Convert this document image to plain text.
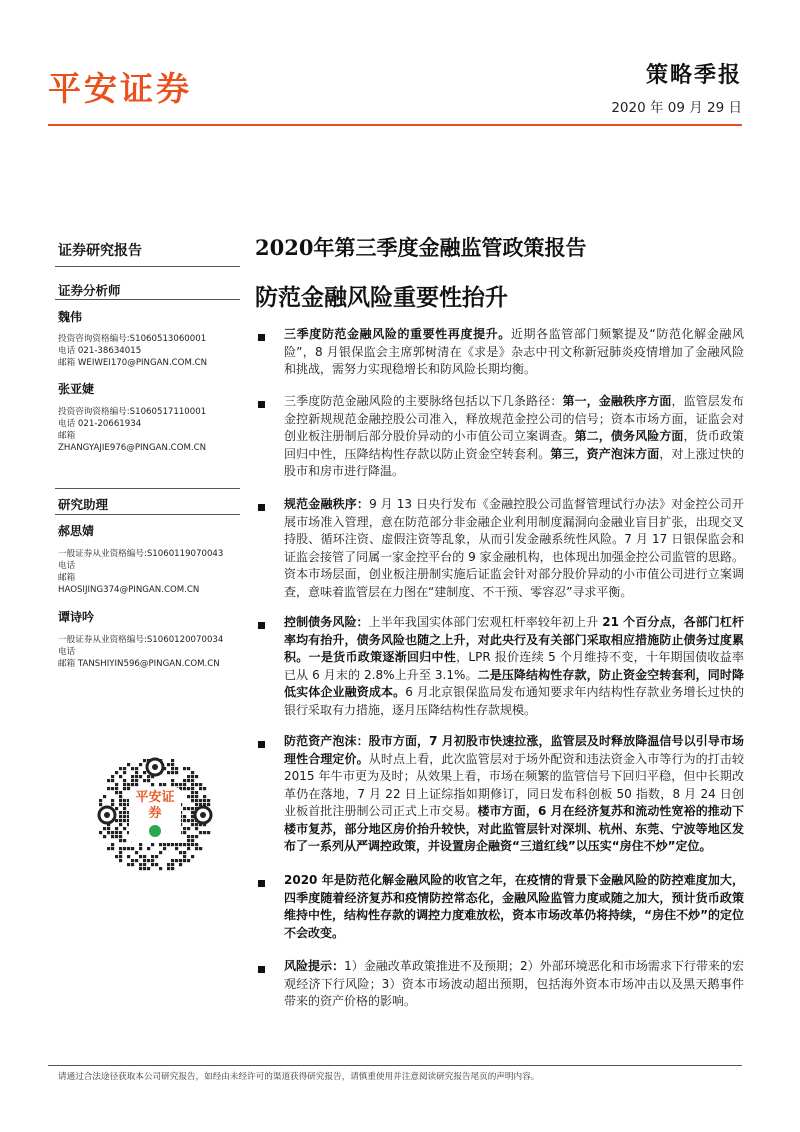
平安证券	策略季报
2020 年 09 月 29 日
证券研究报告
证券分析师
魏伟
投资咨询资格编号:S1060513060001
电话 021-38634015
邮箱 WEIWEI170@PINGAN.COM.CN
张亚婕
投资咨询资格编号:S1060517110001
电话 021-20661934
邮箱
ZHANGYAJIE976@PINGAN.COM.CN
研究助理
郝思婧
一般证券从业资格编号:S1060119070043
电话
邮箱
HAOSIJING374@PINGAN.COM.CN
谭诗吟
一般证券从业资格编号:S1060120070034
电话
邮箱 TANSHIYIN596@PINGAN.COM.CN
平安证券
2020年第三季度金融监管政策报告
防范金融风险重要性抬升
三季度防范金融风险的重要性再度提升。近期各监管部门频繁提及“防范化解金融风险”，8 月银保监会主席郭树清在《求是》杂志中刊文称新冠肺炎疫情增加了金融风险和挑战，需努力实现稳增长和防风险长期均衡。
三季度防范金融风险的主要脉络包括以下几条路径：第一，金融秩序方面，监管层发布金控新规规范金融控股公司准入，释放规范金控公司的信号；资本市场方面，证监会对创业板注册制后部分股价异动的小市值公司立案调查。第二，债务风险方面，货币政策回归中性，压降结构性存款以防止资金空转套利。第三，资产泡沫方面，对上涨过快的股市和房市进行降温。
规范金融秩序：9 月 13 日央行发布《金融控股公司监督管理试行办法》对金控公司开展市场准入管理，意在防范部分非金融企业利用制度漏洞向金融业盲目扩张，出现交叉持股、循环注资、虚假注资等乱象，从而引发金融系统性风险。7 月 17 日银保监会和证监会接管了同属一家金控平台的 9 家金融机构，也体现出加强金控公司监管的思路。资本市场层面，创业板注册制实施后证监会针对部分股价异动的小市值公司进行立案调查，意味着监管层在力图在“建制度、不干预、零容忍”寻求平衡。
控制债务风险：上半年我国实体部门宏观杠杆率较年初上升 21 个百分点，各部门杠杆率均有抬升，债务风险也随之上升，对此央行及有关部门采取相应措施防止债务过度累积。一是货币政策逐渐回归中性，LPR 报价连续 5 个月维持不变，十年期国债收益率已从 6 月末的 2.8%上升至 3.1%。二是压降结构性存款，防止资金空转套利，同时降低实体企业融资成本。6 月北京银保监局发布通知要求年内结构性存款业务增长过快的银行采取有力措施，逐月压降结构性存款规模。
防范资产泡沫：股市方面，7 月初股市快速拉涨，监管层及时释放降温信号以引导市场理性合理定价。从时点上看，此次监管层对于场外配资和违法资金入市等行为的打击较 2015 年牛市更为及时；从效果上看，市场在频繁的监管信号下回归平稳，但中长期改革仍在落地，7 月 22 日上证综指如期修订，同日发布科创板 50 指数，8 月 24 日创业板首批注册制公司正式上市交易。楼市方面，6 月在经济复苏和流动性宽裕的推动下楼市复苏，部分地区房价抬升较快，对此监管层针对深圳、杭州、东莞、宁波等地区发布了一系列从严调控政策，并设置房企融资“三道红线”以压实“房住不炒”定位。
2020 年是防范化解金融风险的收官之年，在疫情的背景下金融风险的防控难度加大，四季度随着经济复苏和疫情防控常态化，金融风险监管力度或随之加大，预计货币政策维持中性，结构性存款的调控力度难放松，资本市场改革仍将持续，“房住不炒”的定位不会改变。
风险提示：1）金融改革政策推进不及预期；2）外部环境恶化和市场需求下行带来的宏观经济下行风险；3）资本市场波动超出预期，包括海外资本市场冲击以及黑天鹅事件带来的资产价格的影响。
请通过合法途径获取本公司研究报告，如经由未经许可的渠道获得研究报告，请慎重使用并注意阅读研究报告尾页的声明内容。
